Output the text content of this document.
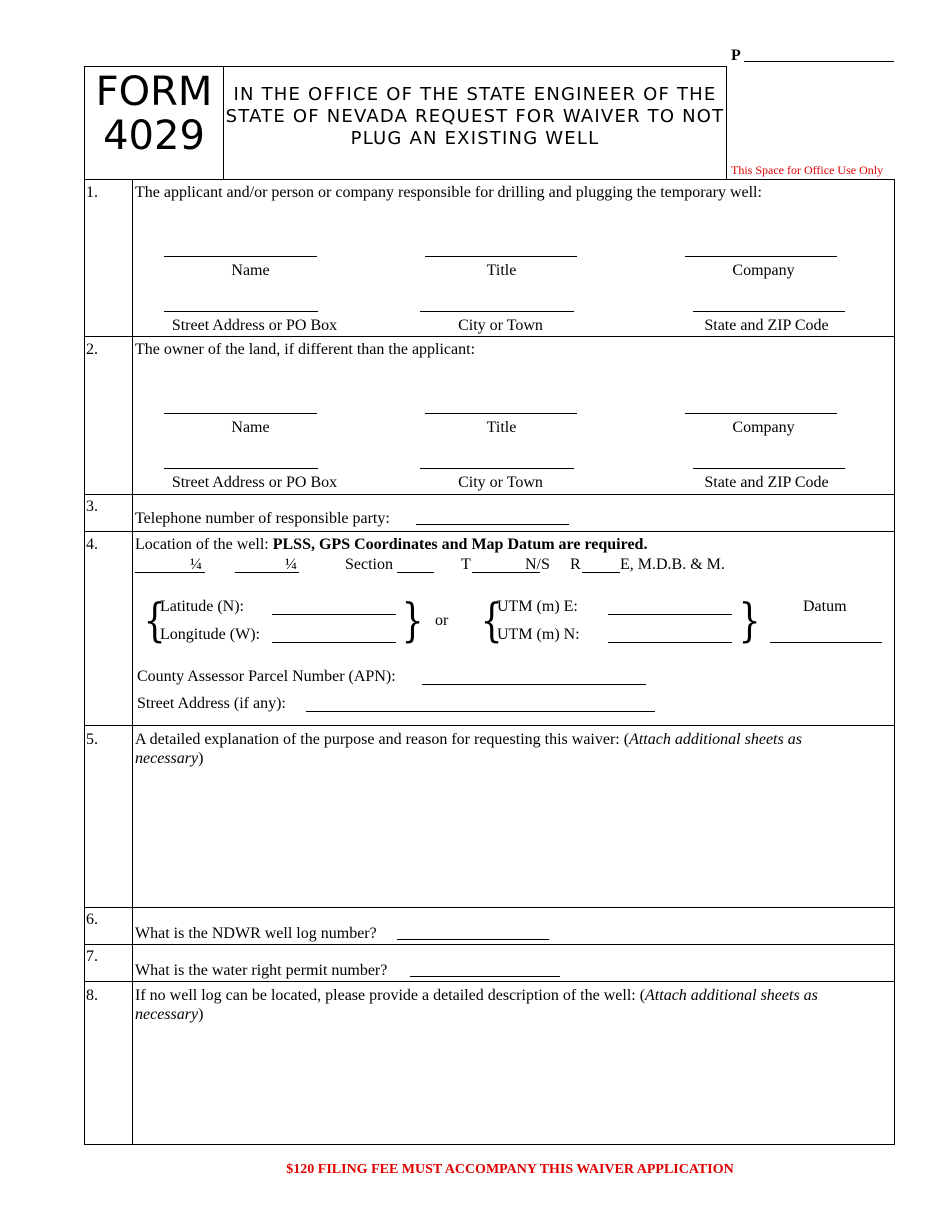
P
FORM
4029
IN THE OFFICE OF THE STATE ENGINEER OF THE
STATE OF NEVADA REQUEST FOR WAIVER TO NOT
PLUG AN EXISTING WELL
This Space for Office Use Only
1. The applicant and/or person or company responsible for drilling and plugging the temporary well:
Name	Title	Company
Street Address or PO Box	City or Town	State and ZIP Code
2. The owner of the land, if different than the applicant:
Name	Title	Company
Street Address or PO Box	City or Town	State and ZIP Code
3.
Telephone number of responsible party:
4. Location of the well: PLSS, GPS Coordinates and Map Datum are required.
¼	¼	Section	T	N/S R E, M.D.B. & M.
{
Latitude (N):
Longitude (W):	} or {
UTM (m) E:
UTM (m) N:	}	Datum
County Assessor Parcel Number (APN):
Street Address (if any):
5. A detailed explanation of the purpose and reason for requesting this waiver: (Attach additional sheets as
necessary)
6.
What is the NDWR well log number?
7.
What is the water right permit number?
8. If no well log can be located, please provide a detailed description of the well: (Attach additional sheets as
necessary)
$120 FILING FEE MUST ACCOMPANY THIS WAIVER APPLICATION
